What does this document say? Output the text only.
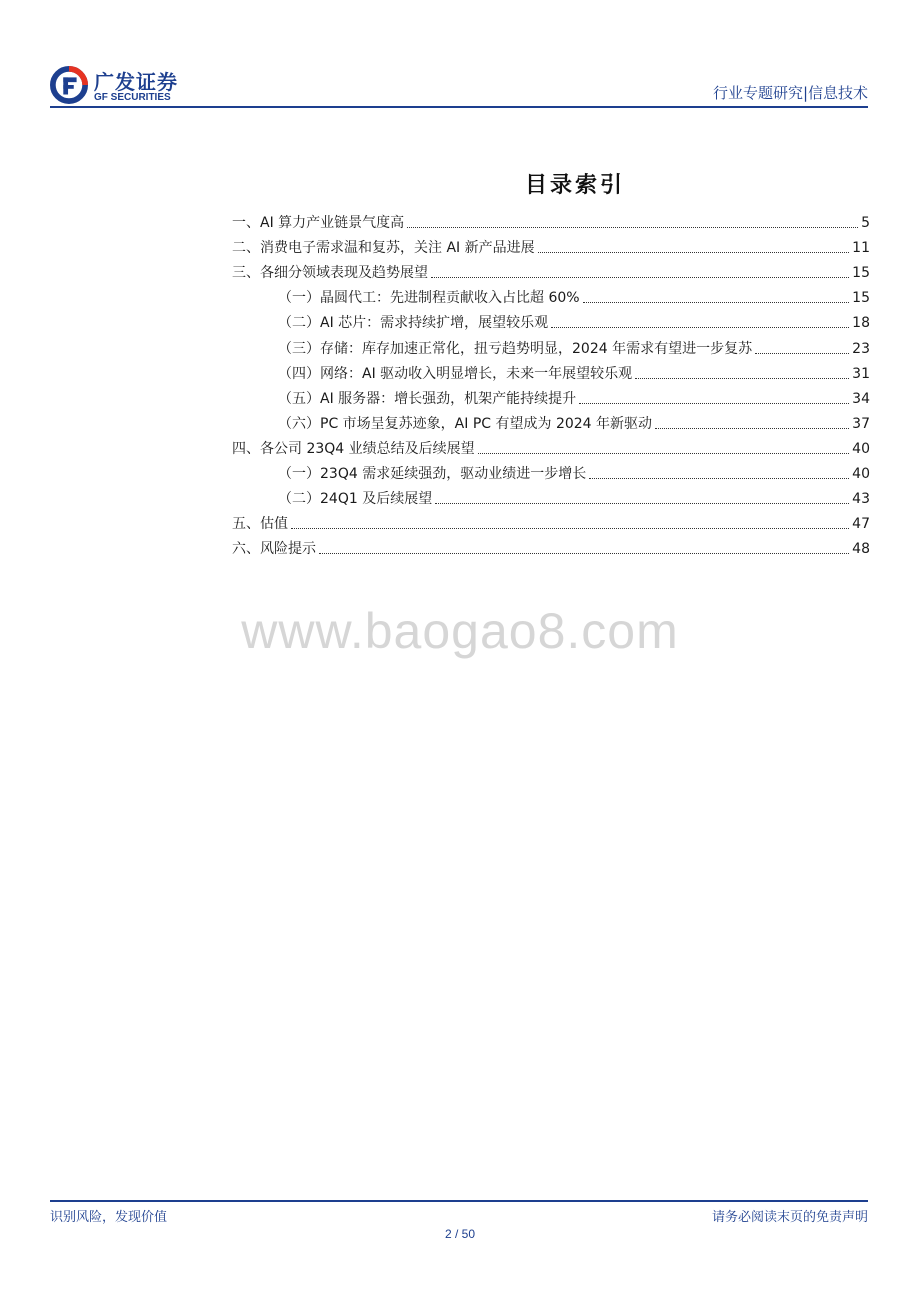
广发证券
GF SECURITIES	行业专题研究|信息技术
目录索引
一、AI 算力产业链景气度高	5
二、消费电子需求温和复苏，关注 AI 新产品进展	11
三、各细分领域表现及趋势展望	15
（一）晶圆代工：先进制程贡献收入占比超 60%	15
（二）AI 芯片：需求持续扩增，展望较乐观	18
（三）存储：库存加速正常化，扭亏趋势明显，2024 年需求有望进一步复苏	23
（四）网络：AI 驱动收入明显增长，未来一年展望较乐观	31
（五）AI 服务器：增长强劲，机架产能持续提升	34
（六）PC 市场呈复苏迹象，AI PC 有望成为 2024 年新驱动	37
四、各公司 23Q4 业绩总结及后续展望	40
（一）23Q4 需求延续强劲，驱动业绩进一步增长	40
（二）24Q1 及后续展望	43
五、估值	47
六、风险提示	48
www.baogao8.com
识别风险，发现价值	请务必阅读末页的免责声明
2 / 50
